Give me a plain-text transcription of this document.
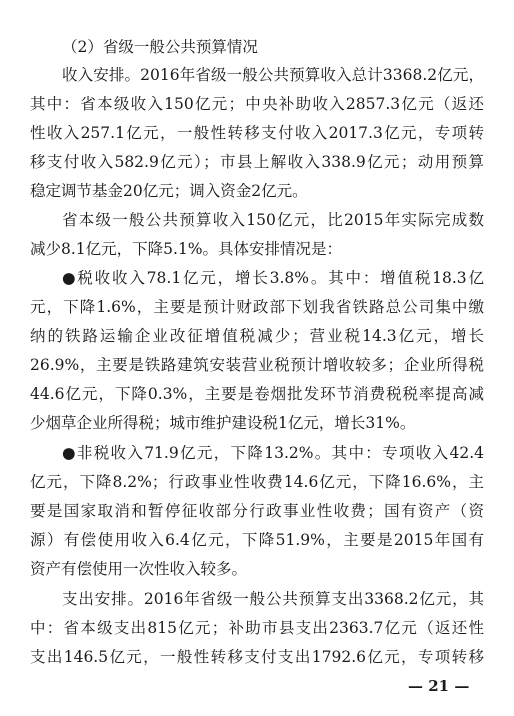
（2）省级一般公共预算情况
收入安排。2016年省级一般公共预算收入总计3368.2亿元，
其中：省本级收入150亿元；中央补助收入2857.3亿元（返还
性收入257.1亿元，一般性转移支付收入2017.3亿元，专项转
移支付收入582.9亿元）；市县上解收入338.9亿元；动用预算
稳定调节基金20亿元；调入资金2亿元。
省本级一般公共预算收入150亿元，比2015年实际完成数
减少8.1亿元，下降5.1%。具体安排情况是：
●税收收入78.1亿元，增长3.8%。其中：增值税18.3亿
元，下降1.6%，主要是预计财政部下划我省铁路总公司集中缴
纳的铁路运输企业改征增值税减少；营业税14.3亿元，增长
26.9%，主要是铁路建筑安装营业税预计增收较多；企业所得税
44.6亿元，下降0.3%，主要是卷烟批发环节消费税税率提高减
少烟草企业所得税；城市维护建设税1亿元，增长31%。
●非税收入71.9亿元，下降13.2%。其中：专项收入42.4
亿元，下降8.2%；行政事业性收费14.6亿元，下降16.6%，主
要是国家取消和暂停征收部分行政事业性收费；国有资产（资
源）有偿使用收入6.4亿元，下降51.9%，主要是2015年国有
资产有偿使用一次性收入较多。
支出安排。2016年省级一般公共预算支出3368.2亿元，其
中：省本级支出815亿元；补助市县支出2363.7亿元（返还性
支出146.5亿元，一般性转移支付支出1792.6亿元，专项转移
— 21 —
